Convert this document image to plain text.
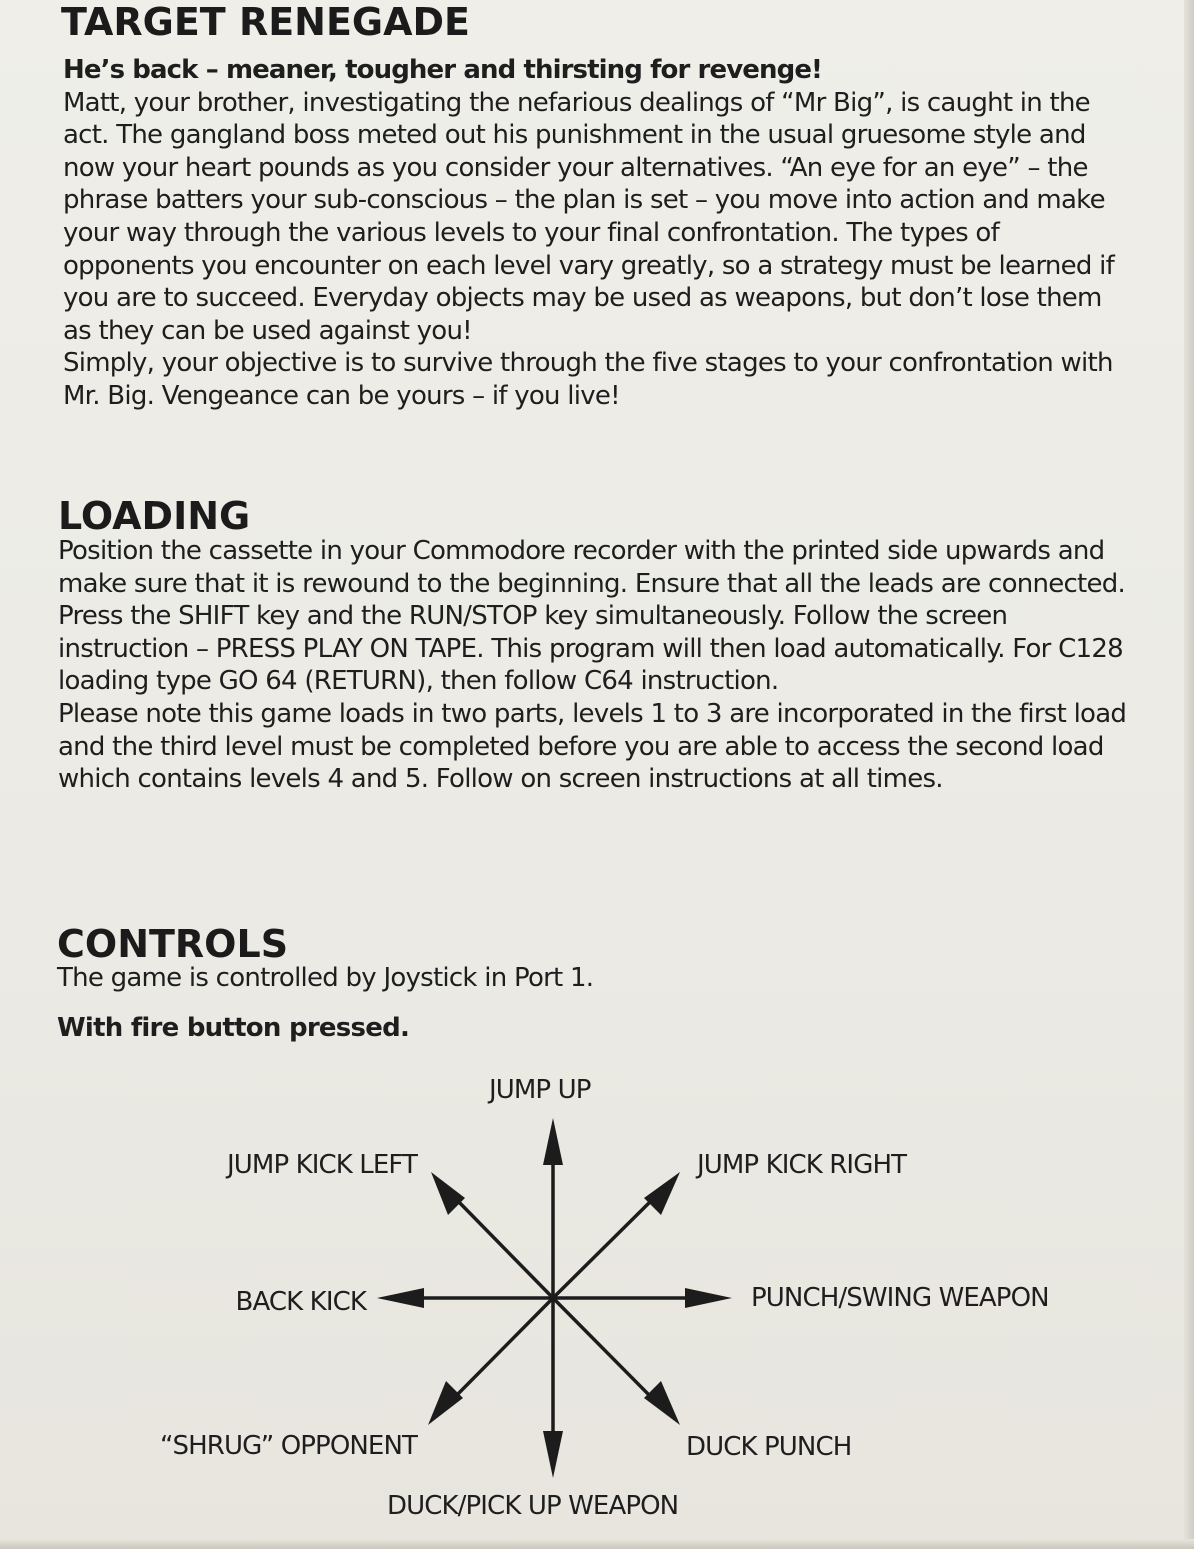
TARGET RENEGADE

He’s back – meaner, tougher and thirsting for revenge!

Matt, your brother, investigating the nefarious dealings of “Mr Big”, is caught in the act. The gangland boss meted out his punishment in the usual gruesome style and now your heart pounds as you consider your alternatives. “An eye for an eye” – the phrase batters your sub-conscious – the plan is set – you move into action and make your way through the various levels to your final confrontation. The types of opponents you encounter on each level vary greatly, so a strategy must be learned if you are to succeed. Everyday objects may be used as weapons, but don’t lose them as they can be used against you!

Simply, your objective is to survive through the five stages to your confrontation with Mr. Big. Vengeance can be yours – if you live!

LOADING

Position the cassette in your Commodore recorder with the printed side upwards and make sure that it is rewound to the beginning. Ensure that all the leads are connected. Press the SHIFT key and the RUN/STOP key simultaneously. Follow the screen instruction – PRESS PLAY ON TAPE. This program will then load automatically. For C128 loading type GO 64 (RETURN), then follow C64 instruction.

Please note this game loads in two parts, levels 1 to 3 are incorporated in the first load and the third level must be completed before you are able to access the second load which contains levels 4 and 5. Follow on screen instructions at all times.

CONTROLS

The game is controlled by Joystick in Port 1.

With fire button pressed.

JUMP UP
JUMP KICK LEFT	JUMP KICK RIGHT
BACK KICK	PUNCH/SWING WEAPON
“SHRUG” OPPONENT	DUCK PUNCH
DUCK/PICK UP WEAPON
